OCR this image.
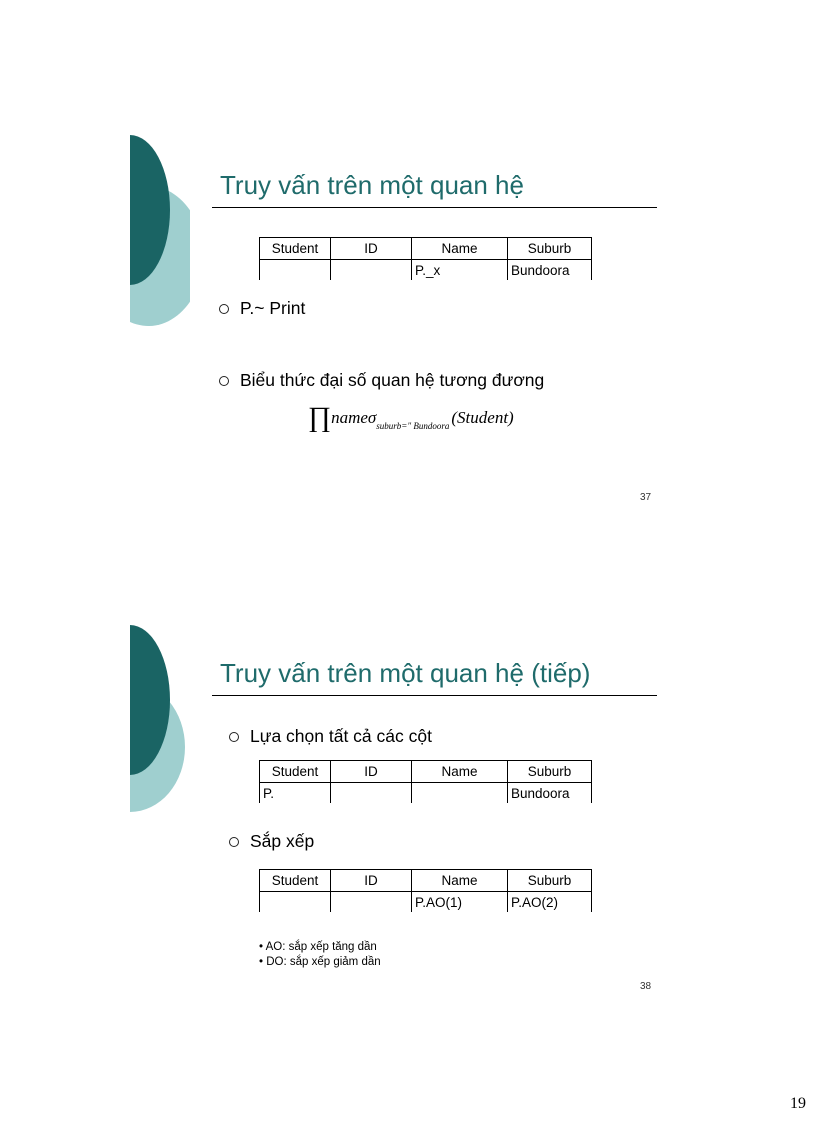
Truy vấn trên một quan hệ
Student	ID	Name	Suburb
		P._x	Bundoora
P.~ Print
Biểu thức đại số quan hệ tương đương
∏nameσ$_{suburb=" Bundoora}$ (Student)
37
Truy vấn trên một quan hệ (tiếp)
Lựa chọn tất cả các cột
Student	ID	Name	Suburb
P.			Bundoora
Sắp xếp
Student	ID	Name	Suburb
		P.AO(1)	P.AO(2)
• AO: sắp xếp tăng dần
• DO: sắp xếp giảm dần
38
19
